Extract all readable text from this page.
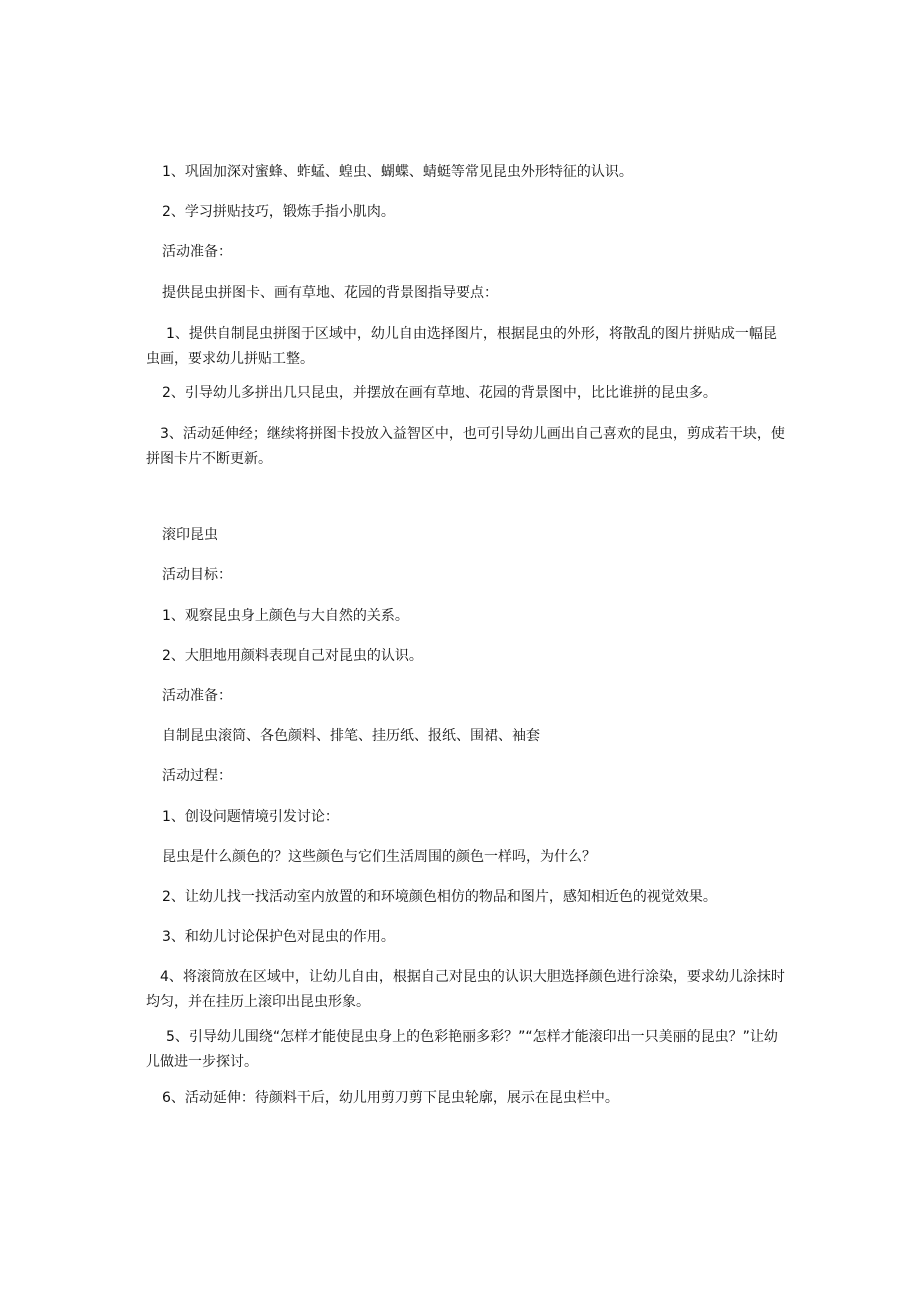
1、巩固加深对蜜蜂、蚱蜢、蝗虫、蝴蝶、蜻蜓等常见昆虫外形特征的认识。
2、学习拼贴技巧，锻炼手指小肌肉。
活动准备：
提供昆虫拼图卡、画有草地、花园的背景图指导要点：
1、提供自制昆虫拼图于区域中，幼儿自由选择图片，根据昆虫的外形，将散乱的图片拼贴成一幅昆虫画，要求幼儿拼贴工整。
2、引导幼儿多拼出几只昆虫，并摆放在画有草地、花园的背景图中，比比谁拼的昆虫多。
3、活动延伸经；继续将拼图卡投放入益智区中，也可引导幼儿画出自己喜欢的昆虫，剪成若干块，使拼图卡片不断更新。
滚印昆虫
活动目标：
1、观察昆虫身上颜色与大自然的关系。
2、大胆地用颜料表现自己对昆虫的认识。
活动准备：
自制昆虫滚筒、各色颜料、排笔、挂历纸、报纸、围裙、袖套
活动过程：
1、创设问题情境引发讨论：
昆虫是什么颜色的？这些颜色与它们生活周围的颜色一样吗，为什么？
2、让幼儿找一找活动室内放置的和环境颜色相仿的物品和图片，感知相近色的视觉效果。
3、和幼儿讨论保护色对昆虫的作用。
4、将滚筒放在区域中，让幼儿自由，根据自己对昆虫的认识大胆选择颜色进行涂染，要求幼儿涂抹时均匀，并在挂历上滚印出昆虫形象。
5、引导幼儿围绕“怎样才能使昆虫身上的色彩艳丽多彩？”“怎样才能滚印出一只美丽的昆虫？”让幼儿做进一步探讨。
6、活动延伸：待颜料干后，幼儿用剪刀剪下昆虫轮廓，展示在昆虫栏中。
